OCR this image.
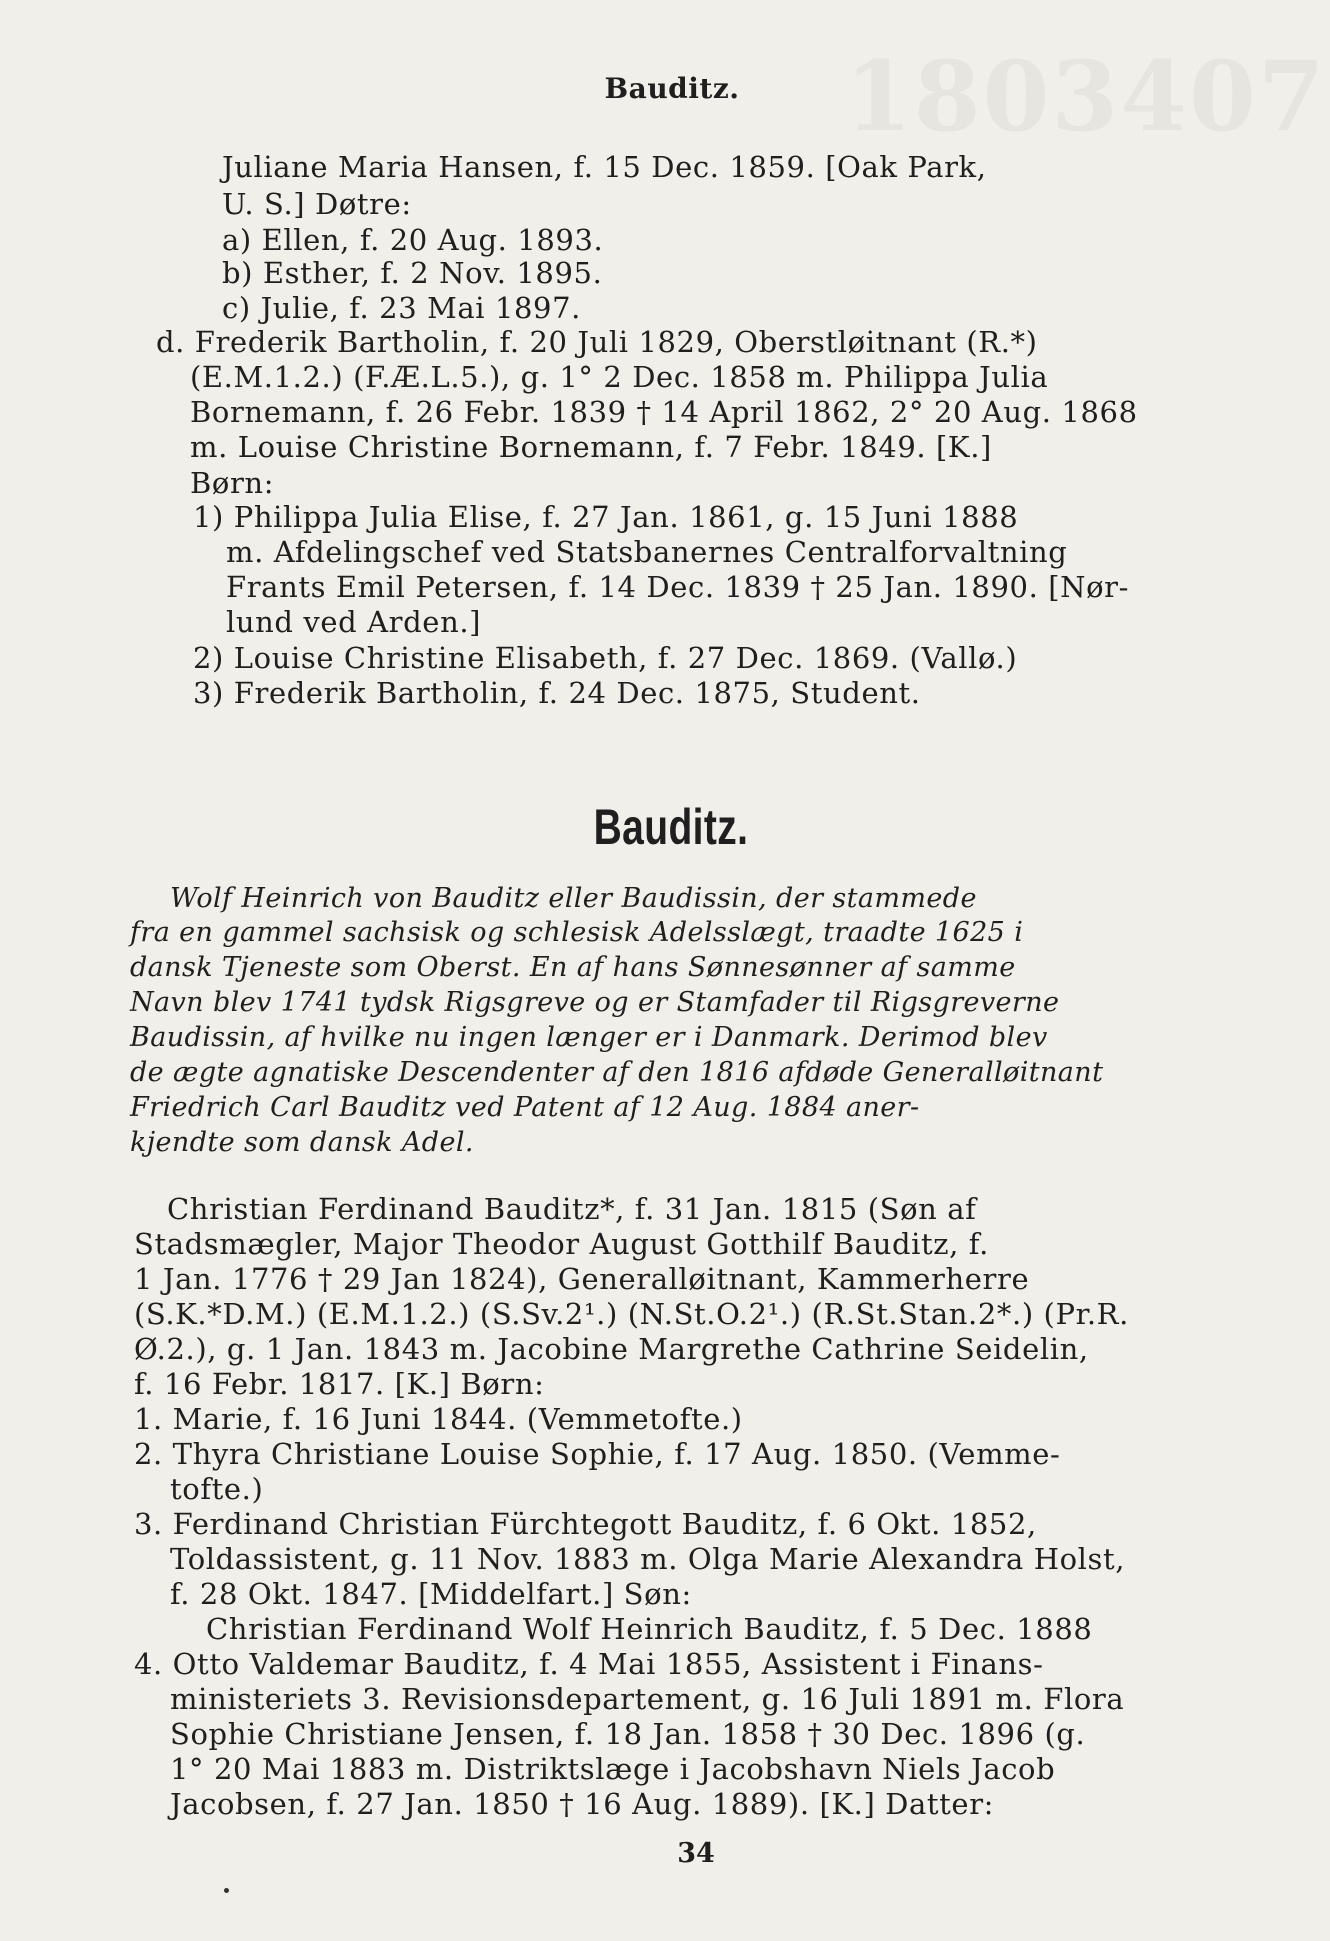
1803407
Bauditz.
Juliane Maria Hansen, f. 15 Dec. 1859. [Oak Park,
U. S.] Døtre:
a) Ellen, f. 20 Aug. 1893.
b) Esther, f. 2 Nov. 1895.
c) Julie, f. 23 Mai 1897.
d. Frederik Bartholin, f. 20 Juli 1829, Oberstløitnant (R.*)
(E.M.1.2.) (F.Æ.L.5.), g. 1° 2 Dec. 1858 m. Philippa Julia
Bornemann, f. 26 Febr. 1839 † 14 April 1862, 2° 20 Aug. 1868
m. Louise Christine Bornemann, f. 7 Febr. 1849. [K.]
Børn:
1) Philippa Julia Elise, f. 27 Jan. 1861, g. 15 Juni 1888
m. Afdelingschef ved Statsbanernes Centralforvaltning
Frants Emil Petersen, f. 14 Dec. 1839 † 25 Jan. 1890. [Nør-
lund ved Arden.]
2) Louise Christine Elisabeth, f. 27 Dec. 1869. (Vallø.)
3) Frederik Bartholin, f. 24 Dec. 1875, Student.
Bauditz.
Wolf Heinrich von Bauditz eller Baudissin, der stammede
fra en gammel sachsisk og schlesisk Adelsslægt, traadte 1625 i
dansk Tjeneste som Oberst. En af hans Sønnesønner af samme
Navn blev 1741 tydsk Rigsgreve og er Stamfader til Rigsgreverne
Baudissin, af hvilke nu ingen længer er i Danmark. Derimod blev
de ægte agnatiske Descendenter af den 1816 afdøde Generalløitnant
Friedrich Carl Bauditz ved Patent af 12 Aug. 1884 aner-
kjendte som dansk Adel.
Christian Ferdinand Bauditz*, f. 31 Jan. 1815 (Søn af
Stadsmægler, Major Theodor August Gotthilf Bauditz, f.
1 Jan. 1776 † 29 Jan 1824), Generalløitnant, Kammerherre
(S.K.*D.M.) (E.M.1.2.) (S.Sv.2¹.) (N.St.O.2¹.) (R.St.Stan.2*.) (Pr.R.
Ø.2.), g. 1 Jan. 1843 m. Jacobine Margrethe Cathrine Seidelin,
f. 16 Febr. 1817. [K.] Børn:
1. Marie, f. 16 Juni 1844. (Vemmetofte.)
2. Thyra Christiane Louise Sophie, f. 17 Aug. 1850. (Vemme-
tofte.)
3. Ferdinand Christian Fürchtegott Bauditz, f. 6 Okt. 1852,
Toldassistent, g. 11 Nov. 1883 m. Olga Marie Alexandra Holst,
f. 28 Okt. 1847. [Middelfart.] Søn:
Christian Ferdinand Wolf Heinrich Bauditz, f. 5 Dec. 1888
4. Otto Valdemar Bauditz, f. 4 Mai 1855, Assistent i Finans-
ministeriets 3. Revisionsdepartement, g. 16 Juli 1891 m. Flora
Sophie Christiane Jensen, f. 18 Jan. 1858 † 30 Dec. 1896 (g.
1° 20 Mai 1883 m. Distriktslæge i Jacobshavn Niels Jacob
Jacobsen, f. 27 Jan. 1850 † 16 Aug. 1889). [K.] Datter:
34
